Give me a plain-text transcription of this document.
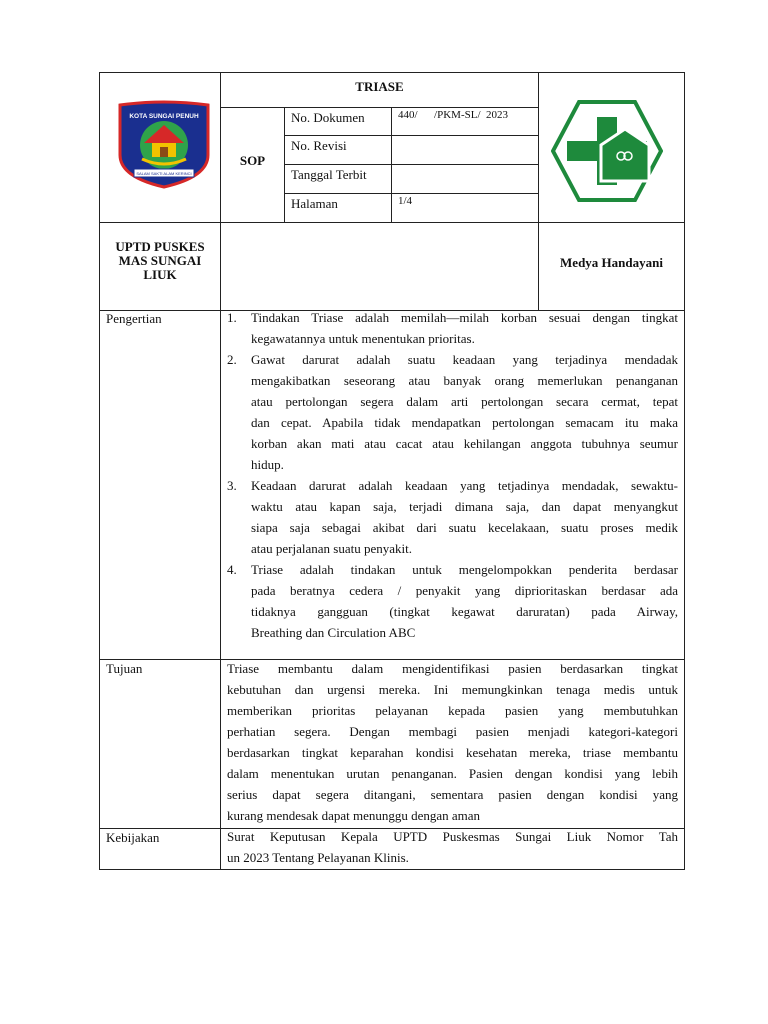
KOTA SUNGAI PENUH
SALAM SAKTI ALAM KERINCI
TRIASE
SOP
No. Dokumen	440/      /PKM-SL/  2023
No. Revisi
Tanggal Terbit
Halaman	1/4
UPTD PUSKES
MAS SUNGAI
LIUK
Medya Handayani
Pengertian	1. Tindakan Triase adalah memilah—milah korban sesuai dengan tingkat
kegawatannya untuk menentukan prioritas.
2. Gawat darurat adalah suatu keadaan yang terjadinya mendadak
mengakibatkan seseorang atau banyak orang memerlukan penanganan
atau pertolongan segera dalam arti pertolongan secara cermat, tepat
dan cepat. Apabila tidak mendapatkan pertolongan semacam itu maka
korban akan mati atau cacat atau kehilangan anggota tubuhnya seumur
hidup.
3. Keadaan darurat adalah keadaan yang tetjadinya mendadak, sewaktu-
waktu atau kapan saja, terjadi dimana saja, dan dapat menyangkut
siapa saja sebagai akibat dari suatu kecelakaan, suatu proses medik
atau perjalanan suatu penyakit.
4. Triase adalah tindakan untuk mengelompokkan penderita berdasar
pada beratnya cedera / penyakit yang diprioritaskan berdasar ada
tidaknya gangguan (tingkat kegawat daruratan) pada Airway,
Breathing dan Circulation ABC
Tujuan	Triase membantu dalam mengidentifikasi pasien berdasarkan tingkat
kebutuhan dan urgensi mereka. Ini memungkinkan tenaga medis untuk
memberikan prioritas pelayanan kepada pasien yang membutuhkan
perhatian segera. Dengan membagi pasien menjadi kategori-kategori
berdasarkan tingkat keparahan kondisi kesehatan mereka, triase membantu
dalam menentukan urutan penanganan. Pasien dengan kondisi yang lebih
serius dapat segera ditangani, sementara pasien dengan kondisi yang
kurang mendesak dapat menunggu dengan aman
Kebijakan	Surat Keputusan Kepala UPTD Puskesmas Sungai Liuk Nomor Tah
un 2023 Tentang Pelayanan Klinis.
